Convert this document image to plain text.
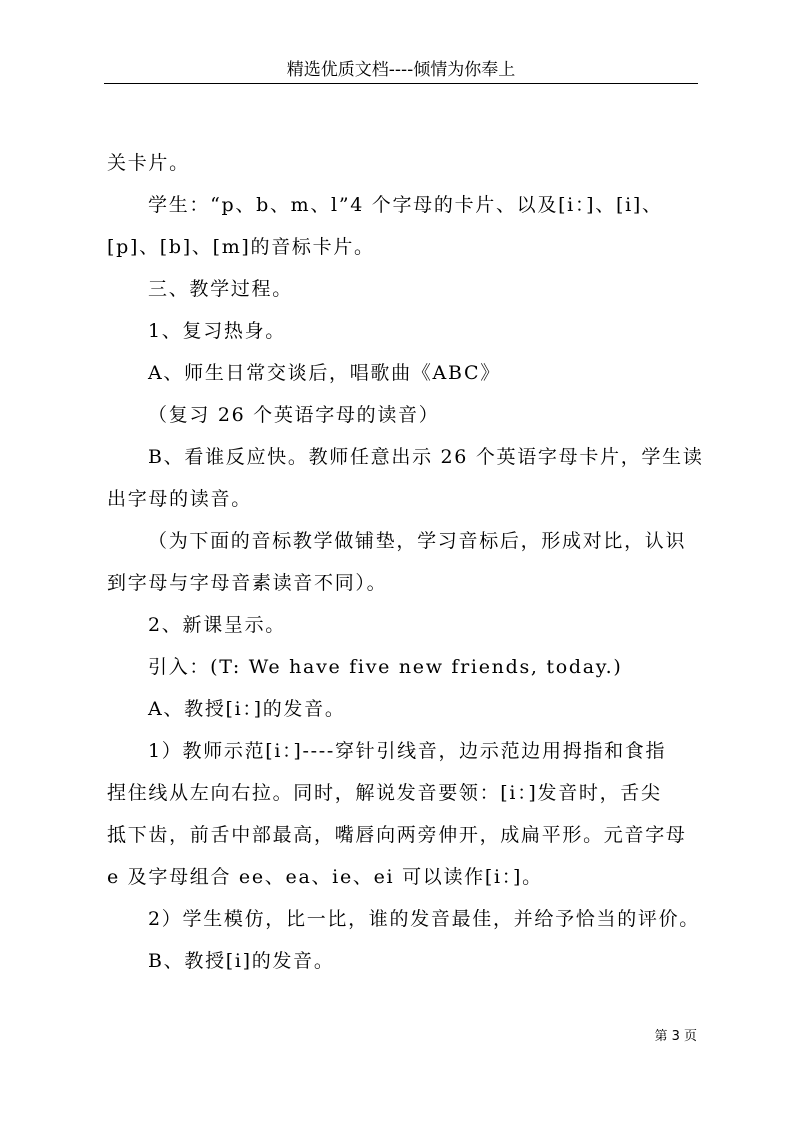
精选优质文档----倾情为你奉上
关卡片。
学生：“p、b、m、l”4 个字母的卡片、以及[i：]、[i]、
[p]、[b]、[m]的音标卡片。
三、教学过程。
1、复习热身。
A、师生日常交谈后，唱歌曲《ABC》
（复习 26 个英语字母的读音）
B、看谁反应快。教师任意出示 26 个英语字母卡片，学生读
出字母的读音。
（为下面的音标教学做铺垫，学习音标后，形成对比，认识
到字母与字母音素读音不同）。
2、新课呈示。
引入：(T: We have five new friends, today.)
A、教授[i：]的发音。
1）教师示范[i：]----穿针引线音，边示范边用拇指和食指
捏住线从左向右拉。同时，解说发音要领：[i：]发音时，舌尖
抵下齿，前舌中部最高，嘴唇向两旁伸开，成扁平形。元音字母
e 及字母组合 ee、ea、ie、ei 可以读作[i：]。
2）学生模仿，比一比，谁的发音最佳，并给予恰当的评价。
B、教授[i]的发音。
第 3 页
